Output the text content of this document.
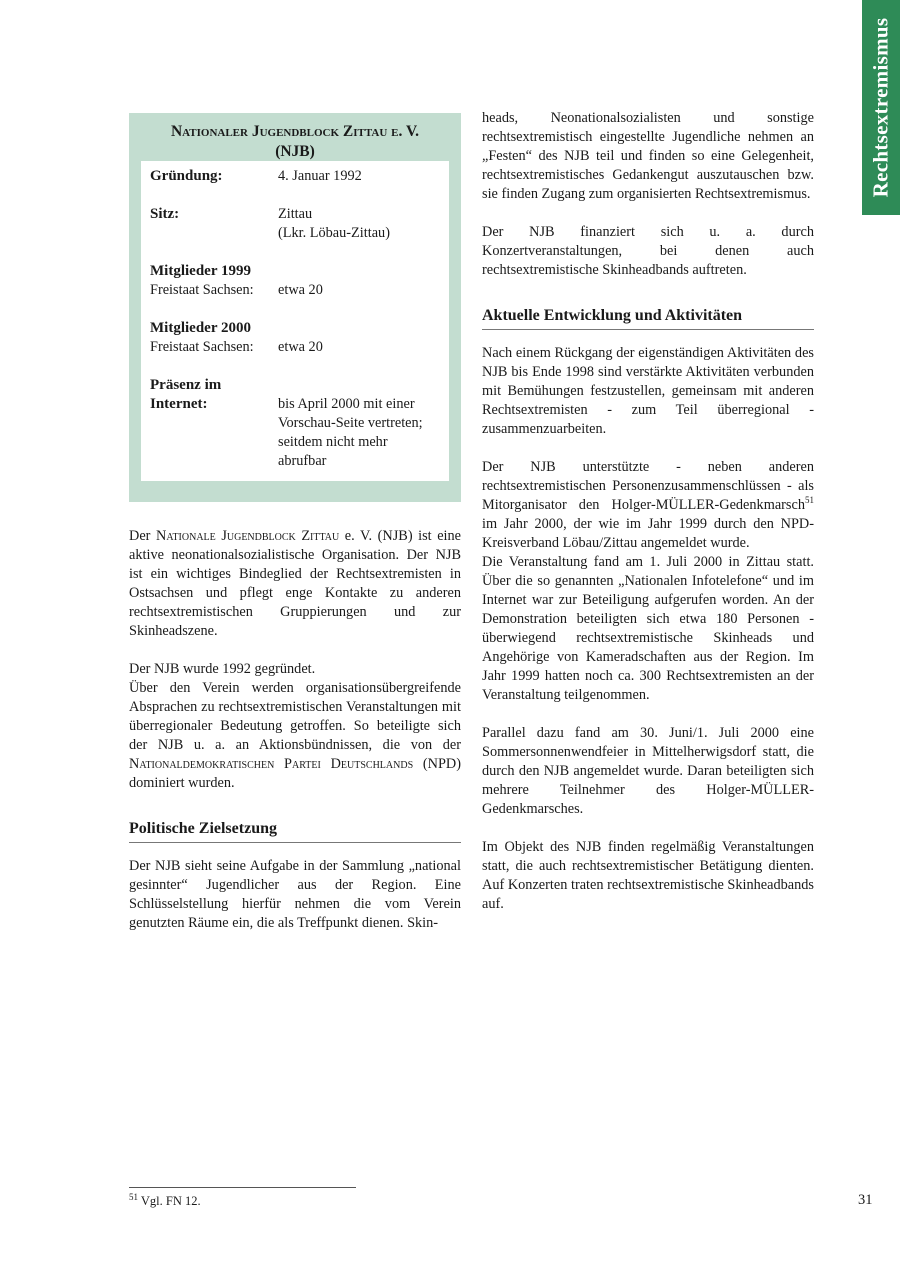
Rechtsextremismus
Nationaler Jugendblock Zittau e. V.
(NJB)
Gründung:	4. Januar 1992
Sitz:	Zittau
(Lkr. Löbau-Zittau)
Mitglieder 1999
Freistaat Sachsen:	etwa 20
Mitglieder 2000
Freistaat Sachsen:	etwa 20
Präsenz im
Internet:	bis April 2000 mit einer
Vorschau-Seite vertreten;
seitdem nicht mehr
abrufbar

Der Nationale Jugendblock Zittau e. V. (NJB) ist eine aktive neonationalsozialistische Organisation. Der NJB ist ein wichtiges Bindeglied der Rechtsextremisten in Ostsachsen und pflegt enge Kontakte zu anderen rechtsextremistischen Gruppierungen und zur Skinheadszene.

Der NJB wurde 1992 gegründet.

Über den Verein werden organisationsübergreifende Absprachen zu rechtsextremistischen Veranstaltungen mit überregionaler Bedeutung getroffen. So beteiligte sich der NJB u. a. an Aktionsbündnissen, die von der Nationaldemokratischen Partei Deutschlands (NPD) dominiert wurden.

Politische Zielsetzung

Der NJB sieht seine Aufgabe in der Sammlung „national gesinnter“ Jugendlicher aus der Region. Eine Schlüsselstellung hierfür nehmen die vom Verein genutzten Räume ein, die als Treffpunkt dienen. Skin-

heads, Neonationalsozialisten und sonstige rechtsextremistisch eingestellte Jugendliche nehmen an „Festen“ des NJB teil und finden so eine Gelegenheit, rechtsextremistisches Gedankengut auszutauschen bzw. sie finden Zugang zum organisierten Rechtsextremismus.

Der NJB finanziert sich u. a. durch Konzertveranstaltungen, bei denen auch rechtsextremistische Skinheadbands auftreten.

Aktuelle Entwicklung und Aktivitäten

Nach einem Rückgang der eigenständigen Aktivitäten des NJB bis Ende 1998 sind verstärkte Aktivitäten verbunden mit Bemühungen festzustellen, gemeinsam mit anderen Rechtsextremisten - zum Teil überregional - zusammenzuarbeiten.

Der NJB unterstützte - neben anderen rechtsextremistischen Personenzusammenschlüssen - als Mitorganisator den Holger-MÜLLER-Gedenkmarsch$^{51}$ im Jahr 2000, der wie im Jahr 1999 durch den NPD-Kreisverband Löbau/Zittau angemeldet wurde.

Die Veranstaltung fand am 1. Juli 2000 in Zittau statt. Über die so genannten „Nationalen Infotelefone“ und im Internet war zur Beteiligung aufgerufen worden. An der Demonstration beteiligten sich etwa 180 Personen - überwiegend rechtsextremistische Skinheads und Angehörige von Kameradschaften aus der Region. Im Jahr 1999 hatten noch ca. 300 Rechtsextremisten an der Veranstaltung teilgenommen.

Parallel dazu fand am 30. Juni/1. Juli 2000 eine Sommersonnenwendfeier in Mittelherwigsdorf statt, die durch den NJB angemeldet wurde. Daran beteiligten sich mehrere Teilnehmer des Holger-MÜLLER-Gedenkmarsches.

Im Objekt des NJB finden regelmäßig Veranstaltungen statt, die auch rechtsextremistischer Betätigung dienten. Auf Konzerten traten rechtsextremistische Skinheadbands auf.

$^{51}$ Vgl. FN 12.	31
